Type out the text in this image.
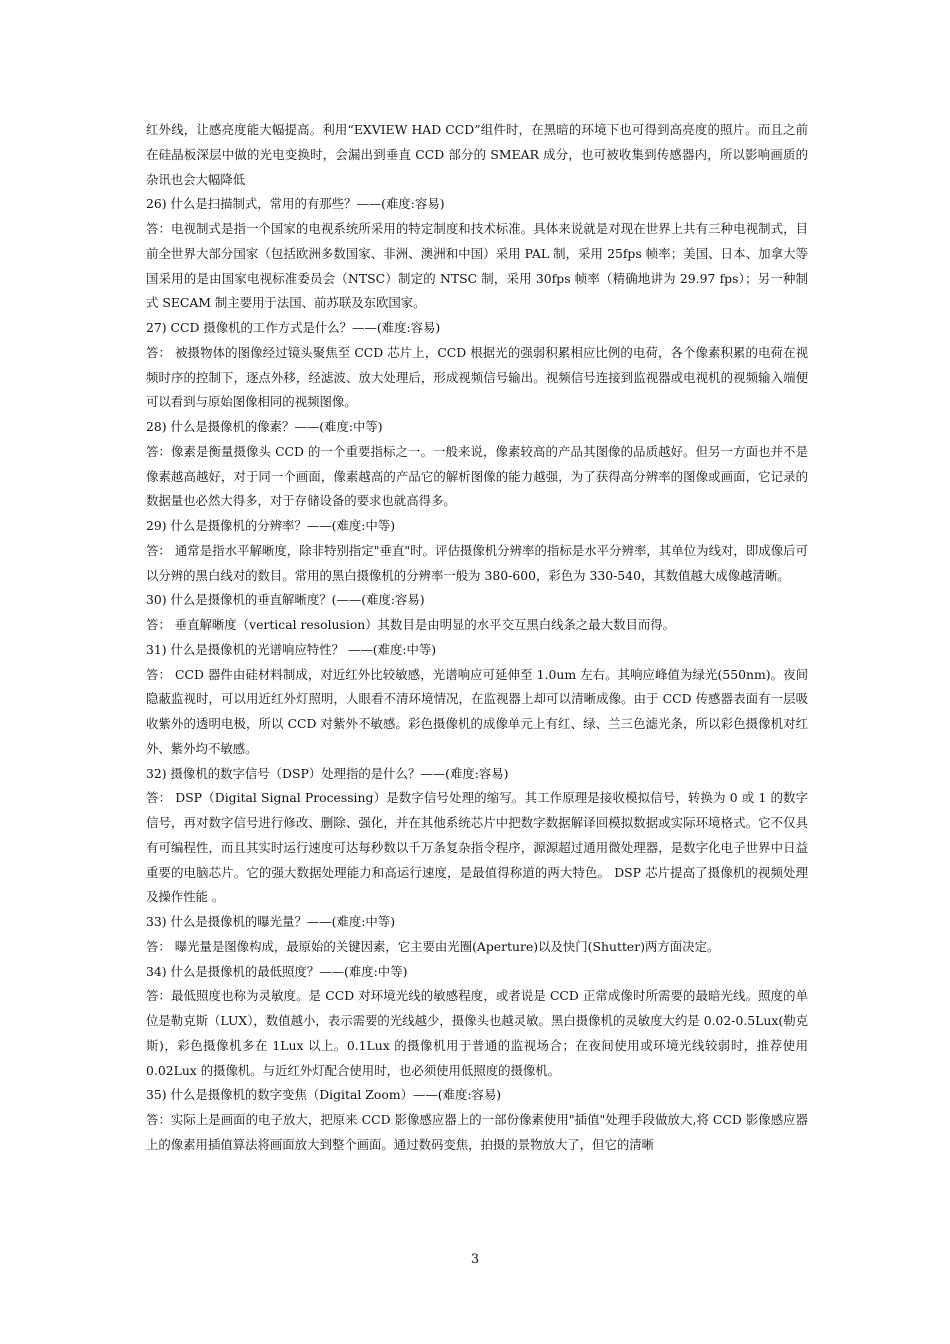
红外线，让感亮度能大幅提高。利用“EXVIEW HAD CCD”组件时，在黑暗的环境下也可得到高亮度的照片。而且之前在硅晶板深层中做的光电变换时，会漏出到垂直 CCD 部分的 SMEAR 成分，也可被收集到传感器内，所以影响画质的杂讯也会大幅降低

26) 什么是扫描制式，常用的有那些？——(难度:容易)

答：电视制式是指一个国家的电视系统所采用的特定制度和技术标准。具体来说就是对现在世界上共有三种电视制式，目前全世界大部分国家（包括欧洲多数国家、非洲、澳洲和中国）采用 PAL 制，采用 25fps 帧率；美国、日本、加拿大等国采用的是由国家电视标准委员会（NTSC）制定的 NTSC 制，采用 30fps 帧率（精确地讲为 29.97 fps）；另一种制式 SECAM 制主要用于法国、前苏联及东欧国家。

27) CCD 摄像机的工作方式是什么？——(难度:容易)

答： 被摄物体的图像经过镜头聚焦至 CCD 芯片上，CCD 根据光的强弱积累相应比例的电荷，各个像素积累的电荷在视频时序的控制下，逐点外移，经滤波、放大处理后，形成视频信号输出。视频信号连接到监视器或电视机的视频输入端便可以看到与原始图像相同的视频图像。

28) 什么是摄像机的像素？——(难度:中等)

答：像素是衡量摄像头 CCD 的一个重要指标之一。一般来说，像素较高的产品其图像的品质越好。但另一方面也并不是像素越高越好，对于同一个画面，像素越高的产品它的解析图像的能力越强，为了获得高分辨率的图像或画面，它记录的数据量也必然大得多，对于存储设备的要求也就高得多。

29) 什么是摄像机的分辨率？——(难度:中等)

答： 通常是指水平解晰度，除非特别指定"垂直"时。评估摄像机分辨率的指标是水平分辨率，其单位为线对，即成像后可以分辨的黑白线对的数目。常用的黑白摄像机的分辨率一般为 380-600，彩色为 330-540，其数值越大成像越清晰。

30) 什么是摄像机的垂直解晰度？(——(难度:容易)

答： 垂直解晰度（vertical resolusion）其数目是由明显的水平交互黑白线条之最大数目而得。

31) 什么是摄像机的光谱响应特性？ ——(难度:中等)

答： CCD 器件由硅材料制成，对近红外比较敏感，光谱响应可延伸至 1.0um 左右。其响应峰值为绿光(550nm)。夜间隐蔽监视时，可以用近红外灯照明，人眼看不清环境情况，在监视器上却可以清晰成像。由于 CCD 传感器表面有一层吸收紫外的透明电极，所以 CCD 对紫外不敏感。彩色摄像机的成像单元上有红、绿、兰三色滤光条，所以彩色摄像机对红外、紫外均不敏感。

32) 摄像机的数字信号（DSP）处理指的是什么？——(难度:容易)

答： DSP（Digital Signal Processing）是数字信号处理的缩写。其工作原理是接收模拟信号，转换为 0 或 1 的数字信号，再对数字信号进行修改、删除、强化，并在其他系统芯片中把数字数据解译回模拟数据或实际环境格式。它不仅具有可编程性，而且其实时运行速度可达每秒数以千万条复杂指令程序，源源超过通用微处理器，是数字化电子世界中日益重要的电脑芯片。它的强大数据处理能力和高运行速度，是最值得称道的两大特色。 DSP 芯片提高了摄像机的视频处理及操作性能 。

33) 什么是摄像机的曝光量？——(难度:中等)

答： 曝光量是图像构成，最原始的关键因素，它主要由光圈(Aperture)以及快门(Shutter)两方面决定。

34) 什么是摄像机的最低照度？——(难度:中等)

答：最低照度也称为灵敏度。是 CCD 对环境光线的敏感程度，或者说是 CCD 正常成像时所需要的最暗光线。照度的单位是勒克斯（LUX），数值越小，表示需要的光线越少，摄像头也越灵敏。黑白摄像机的灵敏度大约是 0.02-0.5Lux(勒克斯)，彩色摄像机多在 1Lux 以上。0.1Lux 的摄像机用于普通的监视场合；在夜间使用或环境光线较弱时，推荐使用 0.02Lux 的摄像机。与近红外灯配合使用时，也必须使用低照度的摄像机。

35) 什么是摄像机的数字变焦（Digital Zoom）——(难度:容易)

答：实际上是画面的电子放大，把原来 CCD 影像感应器上的一部份像素使用"插值"处理手段做放大,将 CCD 影像感应器上的像素用插值算法将画面放大到整个画面。通过数码变焦，拍摄的景物放大了，但它的清晰

3
